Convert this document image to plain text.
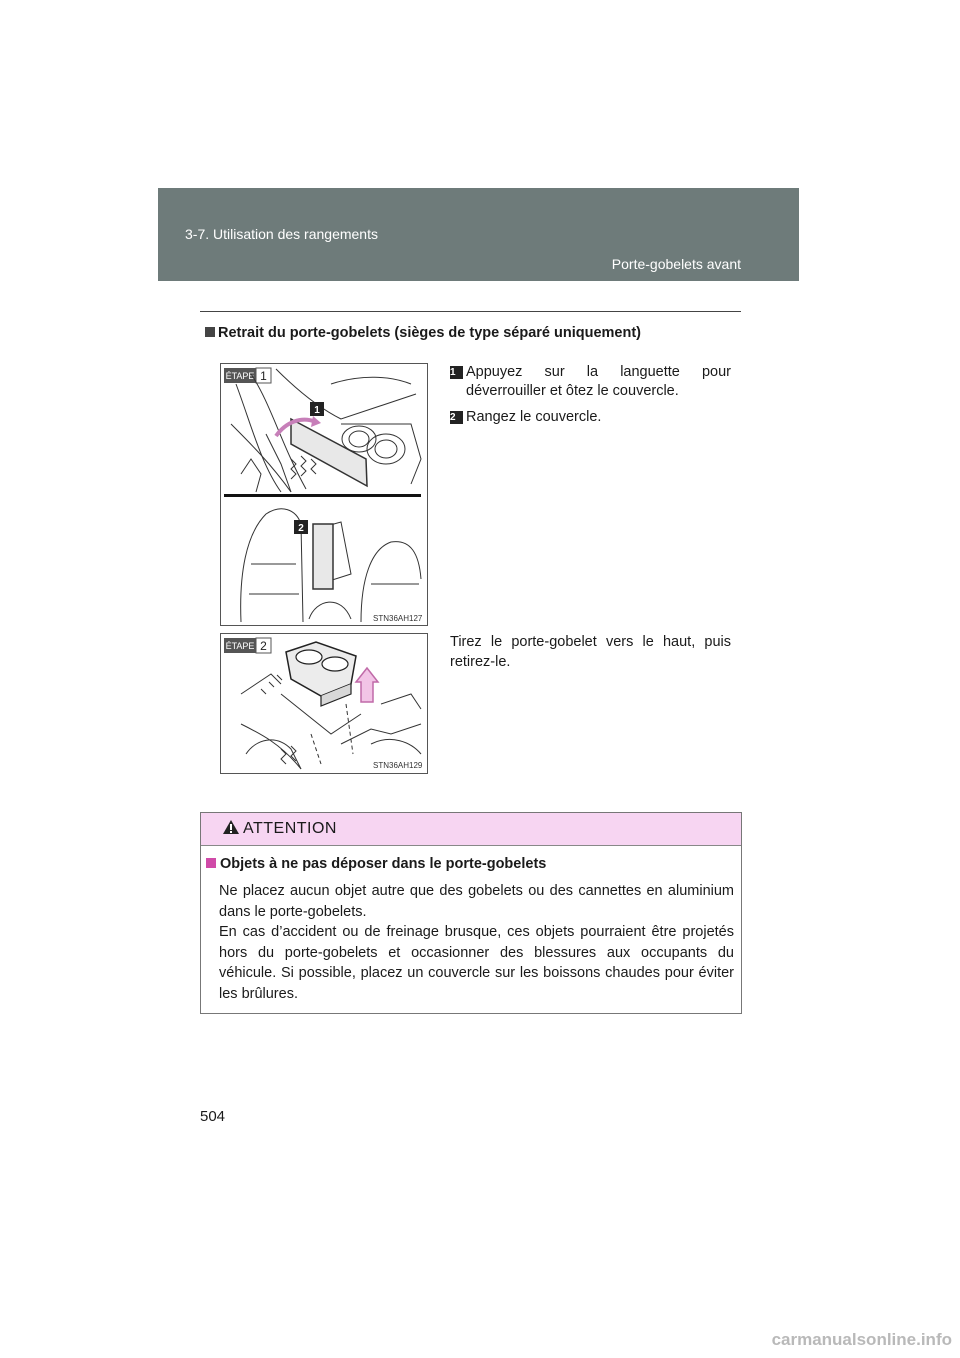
3-7. Utilisation des rangements
Porte-gobelets avant
Retrait du porte-gobelets (sièges de type séparé uniquement)
ÉTAPE 1
1
2
STN36AH127
ÉTAPE 2
STN36AH129
1 Appuyez sur la languette pour déverrouiller et ôtez le couvercle.
2 Rangez le couvercle.
Tirez le porte-gobelet vers le haut, puis retirez-le.
ATTENTION
Objets à ne pas déposer dans le porte-gobelets

Ne placez aucun objet autre que des gobelets ou des cannettes en aluminium dans le porte-gobelets.

En cas d’accident ou de freinage brusque, ces objets pourraient être projetés hors du porte-gobelets et occasionner des blessures aux occupants du véhicule. Si possible, placez un couvercle sur les boissons chaudes pour éviter les brûlures.

504
carmanualsonline.info
